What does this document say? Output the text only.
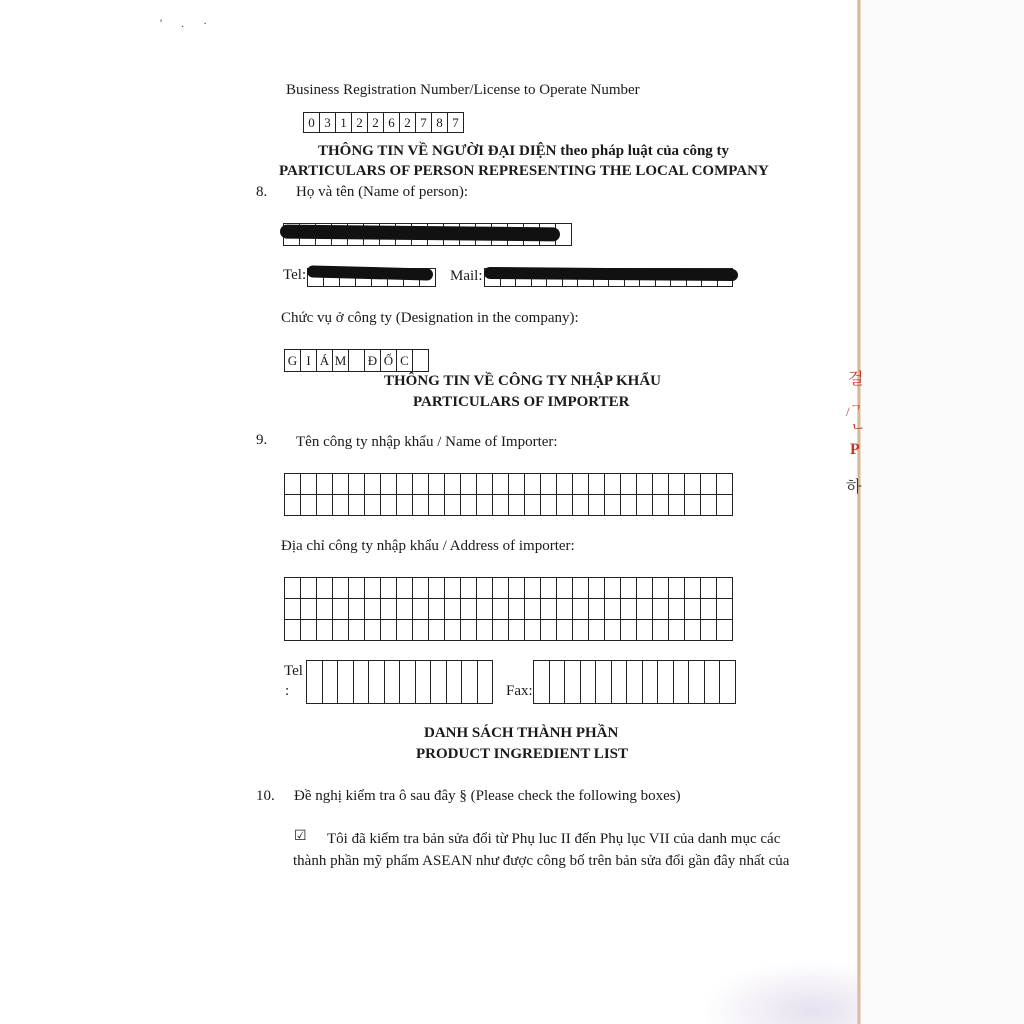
' . ·
걸
/ᄀ
ᄂ
P
하
Business Registration Number/License to Operate Number
0 3 1 2 2 6 2 7 8 7
THÔNG TIN VỀ NGƯỜI ĐẠI DIỆN theo pháp luật của công ty
PARTICULARS OF PERSON REPRESENTING THE LOCAL COMPANY
8. Họ và tên (Name of person):
Tel:	Mail:
Chức vụ ở công ty (Designation in the company):
G I Á M Đ Ố C
THÔNG TIN VỀ CÔNG TY NHẬP KHẨU
PARTICULARS OF IMPORTER
9. Tên công ty nhập khẩu / Name of Importer:
Địa chỉ công ty nhập khẩu / Address of importer:
Tel
:	Fax:
DANH SÁCH THÀNH PHẦN
PRODUCT INGREDIENT LIST
10. Đề nghị kiểm tra ô sau đây § (Please check the following boxes)
☑	Tôi đã kiểm tra bản sửa đổi từ Phụ luc II đến Phụ lục VII của danh mục các thành phần mỹ phẩm ASEAN như được công bố trên bản sửa đổi gần đây nhất của
